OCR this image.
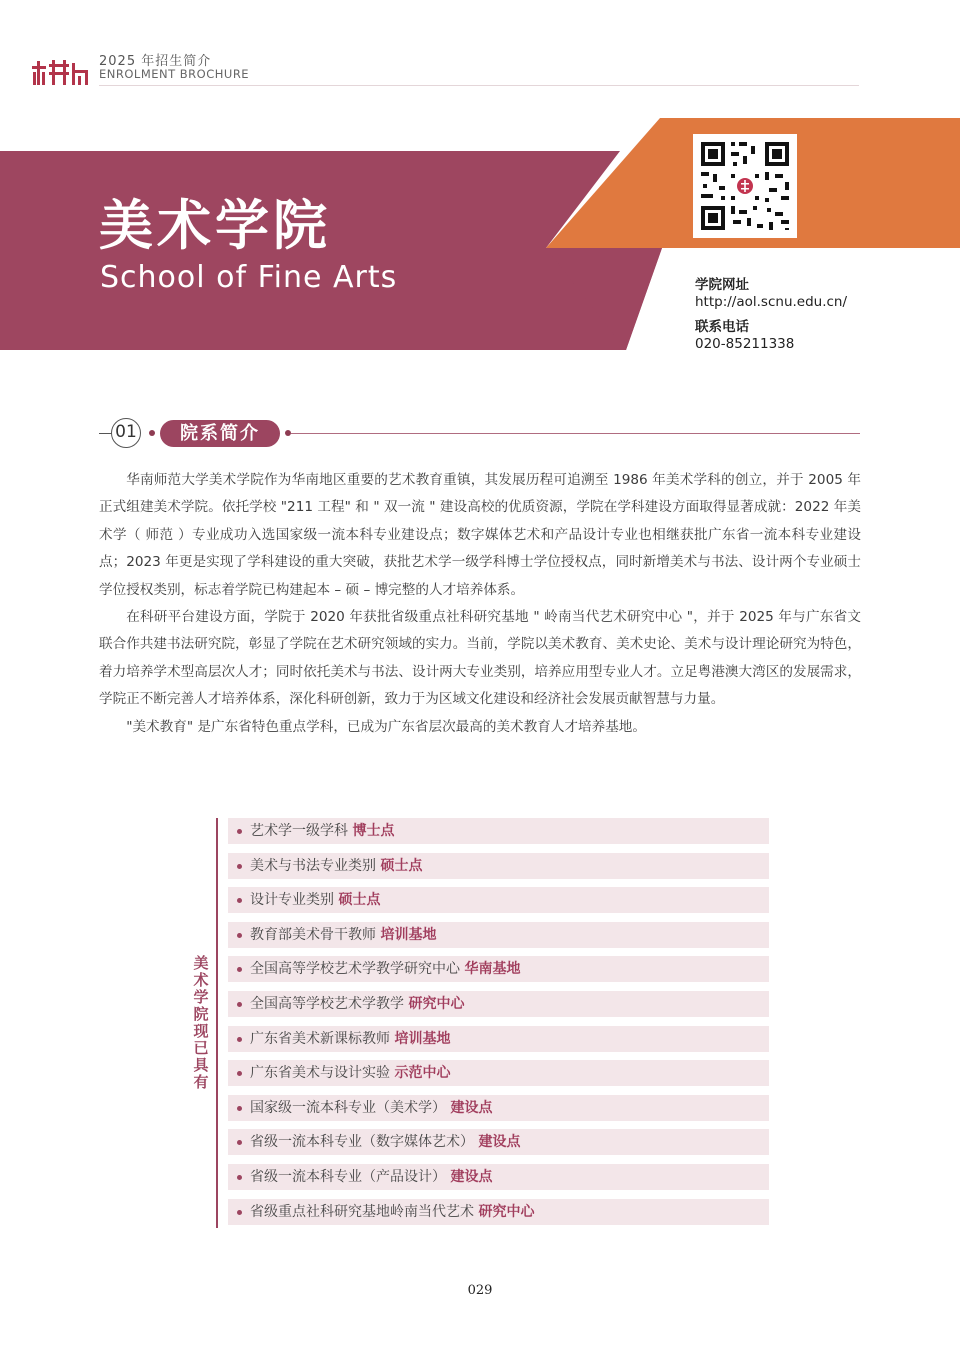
2025 年招生简介
ENROLMENT BROCHURE
美术学院
School of Fine Arts	学院网址
http://aol.scnu.edu.cn/
联系电话
020-85211338
01	院系简介

华南师范大学美术学院作为华南地区重要的艺术教育重镇，其发展历程可追溯至 1986 年美术学科的创立，并于 2005 年正式组建美术学院。依托学校 "211 工程" 和 " 双一流 " 建设高校的优质资源，学院在学科建设方面取得显著成就：2022 年美术学（ 师范 ）专业成功入选国家级一流本科专业建设点；数字媒体艺术和产品设计专业也相继获批广东省一流本科专业建设点；2023 年更是实现了学科建设的重大突破，获批艺术学一级学科博士学位授权点，同时新增美术与书法、设计两个专业硕士学位授权类别，标志着学院已构建起本 – 硕 – 博完整的人才培养体系。

在科研平台建设方面，学院于 2020 年获批省级重点社科研究基地 " 岭南当代艺术研究中心 "，并于 2025 年与广东省文联合作共建书法研究院，彰显了学院在艺术研究领域的实力。当前，学院以美术教育、美术史论、美术与设计理论研究为特色，着力培养学术型高层次人才；同时依托美术与书法、设计两大专业类别，培养应用型专业人才。立足粤港澳大湾区的发展需求，学院正不断完善人才培养体系，深化科研创新，致力于为区域文化建设和经济社会发展贡献智慧与力量。

"美术教育" 是广东省特色重点学科，已成为广东省层次最高的美术教育人才培养基地。

美术学院现已具有
艺术学一级学科 博士点
美术与书法专业类别 硕士点
设计专业类别 硕士点
教育部美术骨干教师 培训基地
全国高等学校艺术学教学研究中心 华南基地
全国高等学校艺术学教学 研究中心
广东省美术新课标教师 培训基地
广东省美术与设计实验 示范中心
国家级一流本科专业（美术学） 建设点
省级一流本科专业（数字媒体艺术） 建设点
省级一流本科专业（产品设计） 建设点
省级重点社科研究基地岭南当代艺术 研究中心
029
